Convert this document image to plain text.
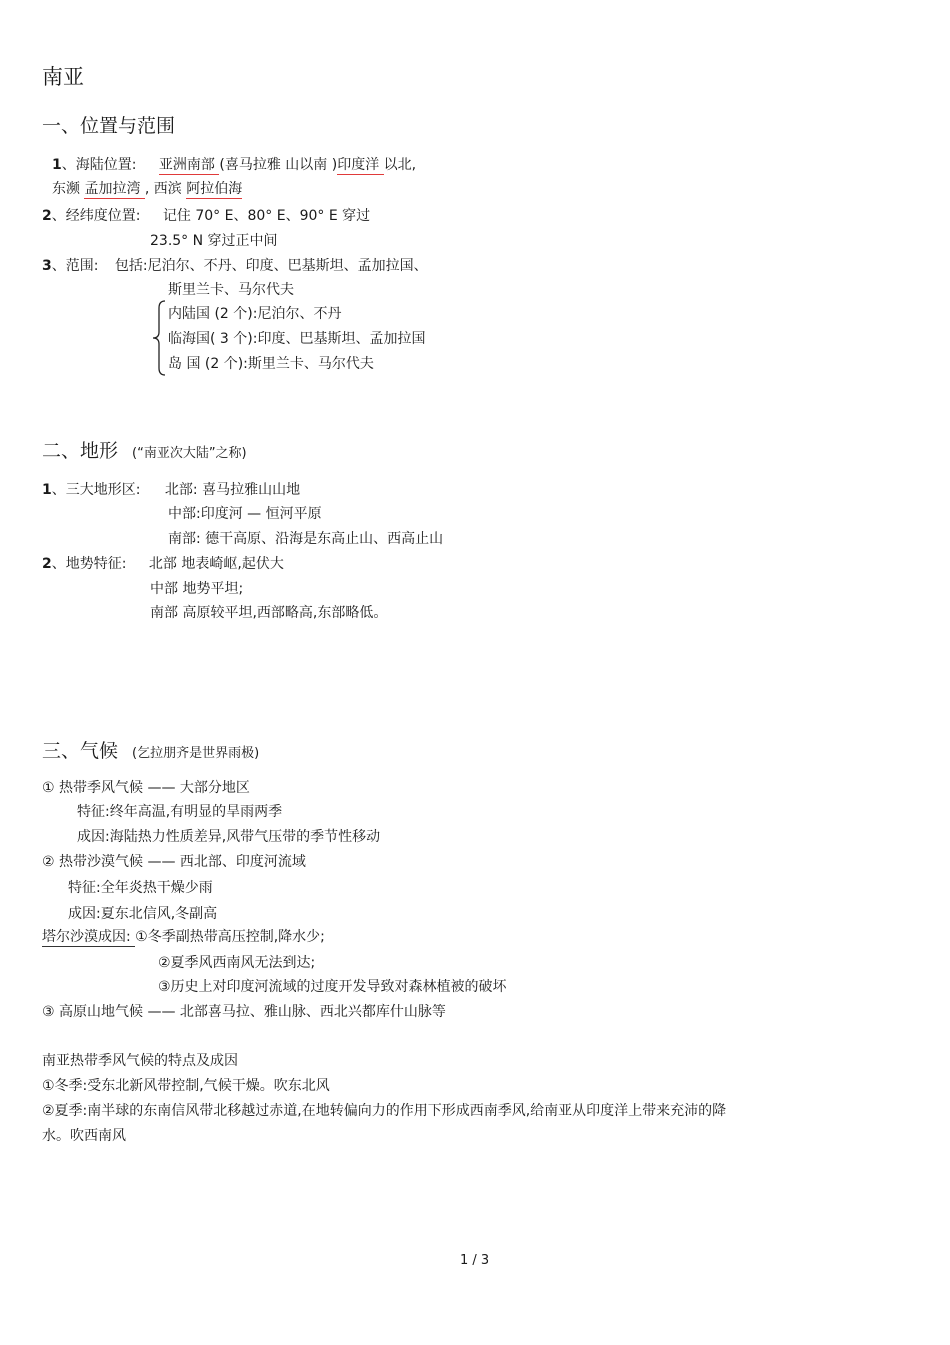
南亚
一、位置与范围
1、海陆位置: 亚洲南部 (喜马拉雅 山以南 )印度洋 以北,
东濒 孟加拉湾 , 西滨 阿拉伯海
2、经纬度位置: 记住 70° E、80° E、90° E 穿过
23.5° N 穿过正中间
3、范围: 包括:尼泊尔、不丹、印度、巴基斯坦、孟加拉国、
斯里兰卡、马尔代夫
内陆国 (2 个):尼泊尔、不丹
临海国( 3 个):印度、巴基斯坦、孟加拉国
岛 国 (2 个):斯里兰卡、马尔代夫
二、地形 (“南亚次大陆”之称)
1、三大地形区: 北部: 喜马拉雅山山地
中部:印度河 — 恒河平原
南部: 德干高原、沿海是东高止山、西高止山
2、地势特征: 北部 地表崎岖,起伏大
中部 地势平坦;
南部 高原较平坦,西部略高,东部略低。
三、气候 (乞拉朋齐是世界雨极)
① 热带季风气候 —— 大部分地区
特征:终年高温,有明显的旱雨两季
成因:海陆热力性质差异,风带气压带的季节性移动
② 热带沙漠气候 —— 西北部、印度河流域
特征:全年炎热干燥少雨
成因:夏东北信风,冬副高
塔尔沙漠成因: ①冬季副热带高压控制,降水少;
②夏季风西南风无法到达;
③历史上对印度河流域的过度开发导致对森林植被的破坏
③ 高原山地气候 —— 北部喜马拉、雅山脉、西北兴都库什山脉等
南亚热带季风气候的特点及成因
①冬季:受东北新风带控制,气候干燥。吹东北风
②夏季:南半球的东南信风带北移越过赤道,在地转偏向力的作用下形成西南季风,给南亚从印度洋上带来充沛的降
水。吹西南风
1 / 3
